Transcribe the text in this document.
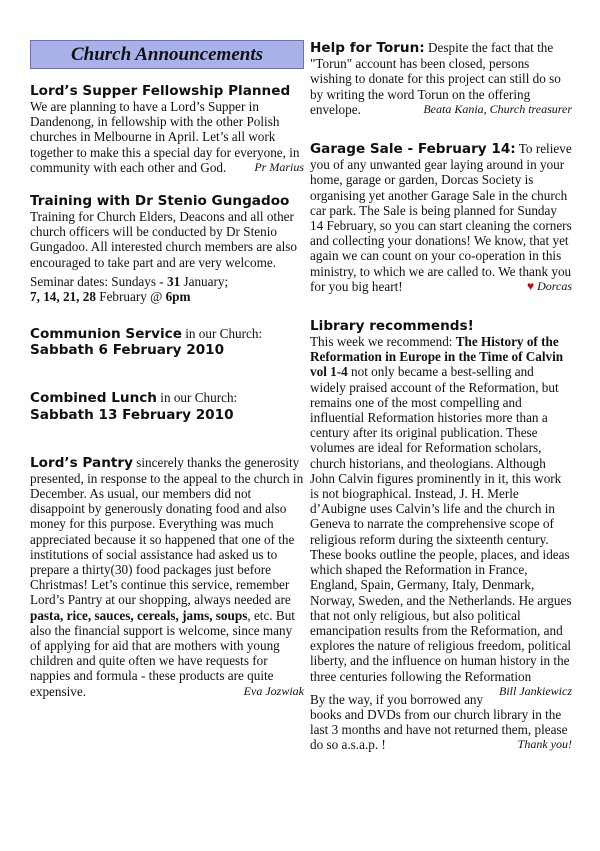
Church Announcements
Lord’s Supper Fellowship Planned

We are planning to have a Lord’s Supper in Dandenong, in fellowship with the other Polish churches in Melbourne in April. Let’s all work together to make this a special day for everyone, in community with each other and God. Pr Marius

Training with Dr Stenio Gungadoo

Training for Church Elders, Deacons and all other church officers will be conducted by Dr Stenio Gungadoo. All interested church members are also encouraged to take part and are very welcome.

Seminar dates: Sundays - 31 January;
7, 14, 21, 28 February @ 6pm

Communion Service in our Church:
Sabbath 6 February 2010
Combined Lunch in our Church:
Sabbath 13 February 2010

Lord’s Pantry sincerely thanks the generosity presented, in response to the appeal to the church in December. As usual, our members did not disappoint by generously donating food and also money for this purpose. Everything was much appreciated because it so happened that one of the institutions of social assistance had asked us to prepare a thirty(30) food packages just before Christmas! Let’s continue this service, remember Lord’s Pantry at our shopping, always needed are pasta, rice, sauces, cereals, jams, soups, etc. But also the financial support is welcome, since many of applying for aid that are mothers with young children and quite often we have requests for nappies and formula - these products are quite expensive.	Eva Jozwiak

Help for Torun: Despite the fact that the "Torun" account has been closed, persons wishing to donate for this project can still do so by writing the word Torun on the offering envelope.	Beata Kania, Church treasurer

Garage Sale - February 14: To relieve you of any unwanted gear laying around in your home, garage or garden, Dorcas Society is organising yet another Garage Sale in the church car park. The Sale is being planned for Sunday 14 February, so you can start cleaning the corners and collecting your donations! We know, that yet again we can count on your co-operation in this ministry, to which we are called to. We thank you for you big heart!	♥ Dorcas

Library recommends!

This week we recommend: The History of the Reformation in Europe in the Time of Calvin vol 1-4 not only became a best-selling and widely praised account of the Reformation, but remains one of the most compelling and influential Reformation histories more than a century after its original publication. These volumes are ideal for Reformation scholars, church historians, and theologians. Although John Calvin figures prominently in it, this work is not biographical. Instead, J. H. Merle d’Aubigne uses Calvin’s life and the church in Geneva to narrate the comprehensive scope of religious reform during the sixteenth century. These books outline the people, places, and ideas which shaped the Reformation in France, England, Spain, Germany, Italy, Denmark, Norway, Sweden, and the Netherlands. He argues that not only religious, but also political emancipation results from the Reformation, and explores the nature of religious freedom, political liberty, and the influence on human history in the three centuries following the Reformation
Bill Jankiewicz

By the way, if you borrowed any books and DVDs from our church library in the last 3 months and have not returned them, please do so a.s.a.p. !	Thank you!
